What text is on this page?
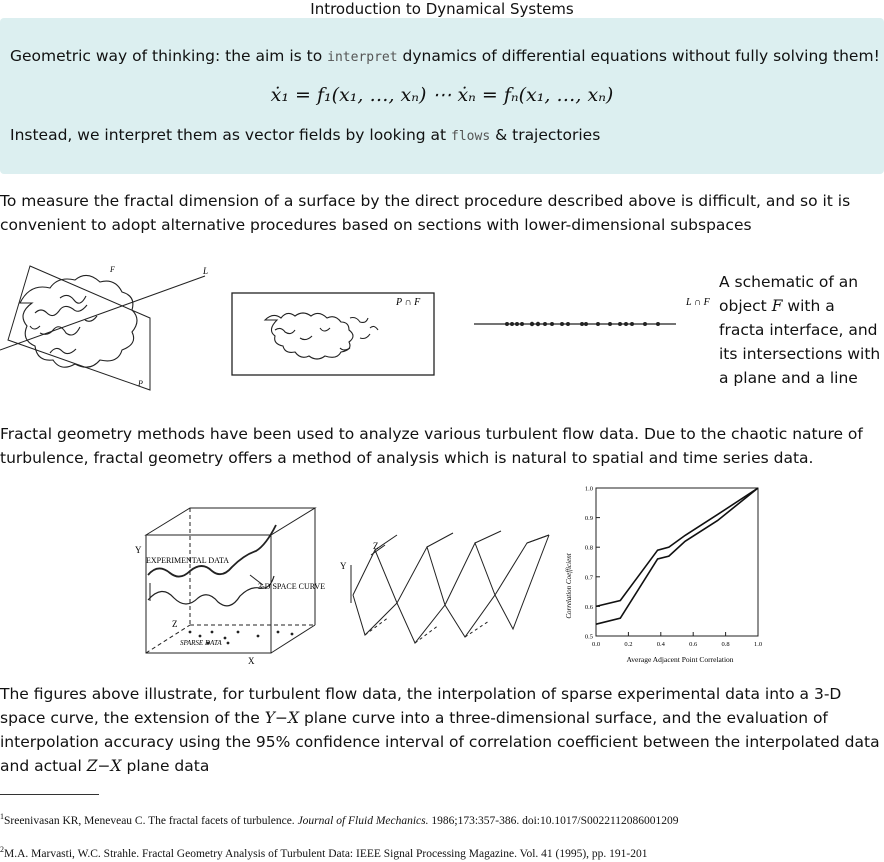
Introduction to Dynamical Systems
Geometric way of thinking: the aim is to interpret dynamics of differential equations without fully solving them!
ẋ₁ = f₁(x₁, …, xₙ) ⋯ ẋₙ = fₙ(x₁, …, xₙ)
Instead, we interpret them as vector fields by looking at flows & trajectories
To measure the fractal dimension of a surface by the direct procedure described above is difficult, and so it is convenient to adopt alternative procedures based on sections with lower-dimensional subspaces
L
F
P
P ∩ F	L ∩ F
A schematic of an object F with a fracta interface, and its intersections with a plane and a line
Fractal geometry methods have been used to analyze various turbulent flow data. Due to the chaotic nature of turbulence, fractal geometry offers a method of analysis which is natural to spatial and time series data.
EXPERIMENTAL DATA
3-D SPACE CURVE
SPARSE DATA
Y
Z
X
Y
Z
Correlation Coefficient
0.5
0.6
0.7
0.8
0.9
1.0
0.0	0.2	0.4	0.6	0.8	1.0
Average Adjacent Point Correlation
The figures above illustrate, for turbulent flow data, the interpolation of sparse experimental data into a 3-D space curve, the extension of the Y−X plane curve into a three-dimensional surface, and the evaluation of interpolation accuracy using the 95% confidence interval of correlation coefficient between the interpolated data and actual Z−X plane data
$^1$Sreenivasan KR, Meneveau C. The fractal facets of turbulence. Journal of Fluid Mechanics. 1986;173:357-386. doi:10.1017/S0022112086001209
$^2$M.A. Marvasti, W.C. Strahle. Fractal Geometry Analysis of Turbulent Data: IEEE Signal Processing Magazine. Vol. 41 (1995), pp. 191-201
